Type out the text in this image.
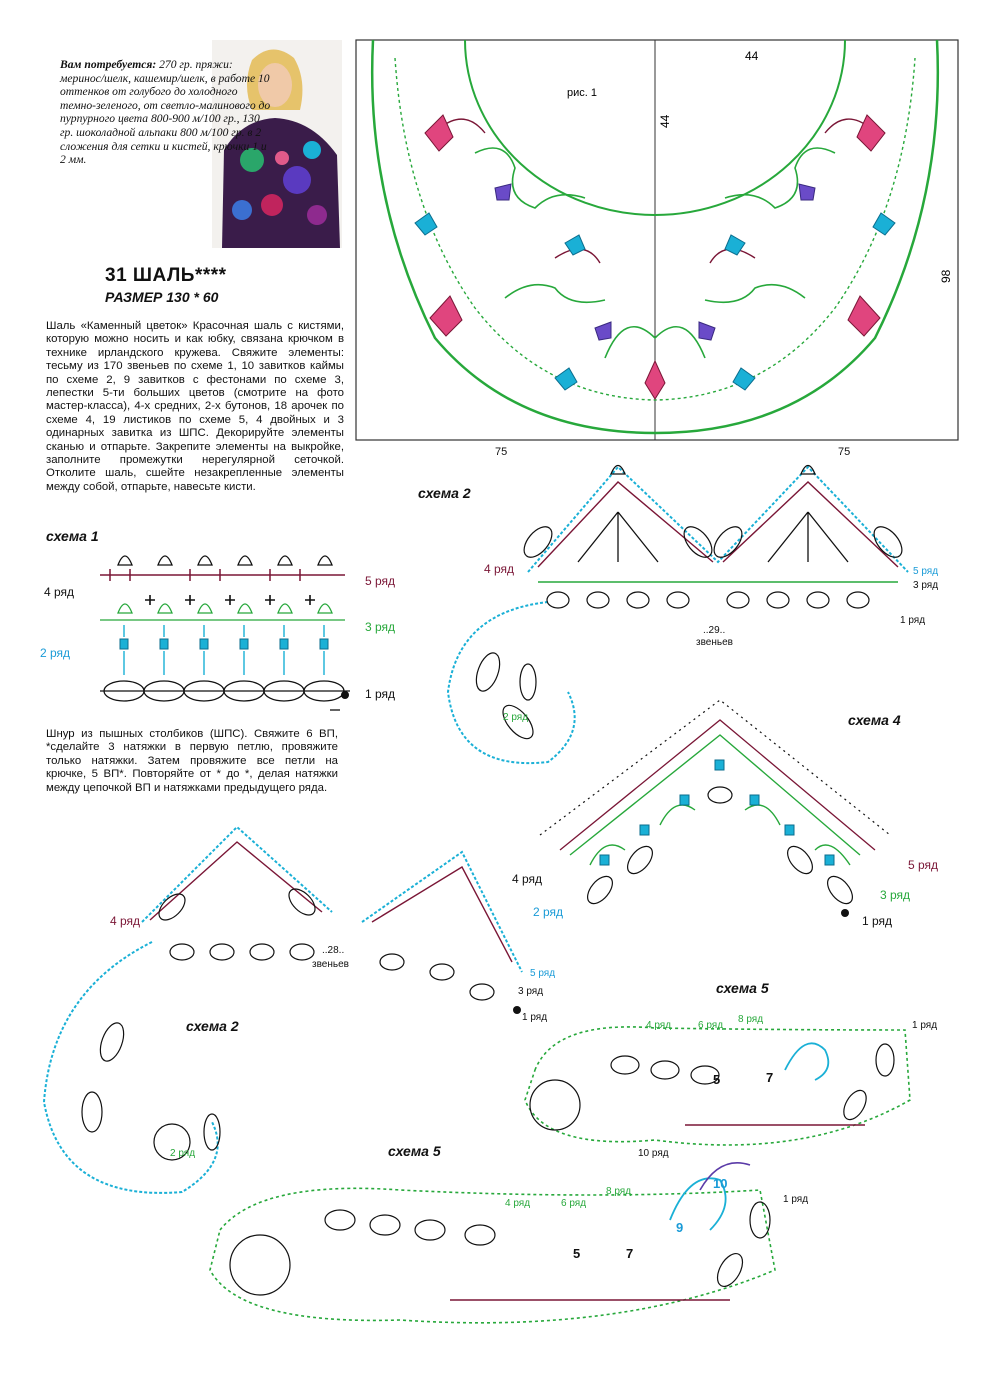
Вам потребуется: 270 гр. пряжи: меринос/шелк, кашемир/шелк, в работе 10 оттенков от голубого до холодного темно-зеленого, от светло-малинового до пурпурного цвета 800-900 м/100 гр., 130 гр. шоколадной альпаки 800 м/100 гр. в 2 сложения для сетки и кистей, крючки 1 и 2 мм.
31 ШАЛЬ****
РАЗМЕР 130 * 60
Шаль «Каменный цветок» Красочная шаль с кистями, которую можно носить и как юбку, связана крючком в технике ирландского кружева. Свяжите элементы: тесьму из 170 звеньев по схеме 1, 10 завитков каймы по схеме 2, 9 завитков с фестонами по схеме 3, лепестки 5-ти больших цветов (смотрите на фото мастер-класса), 4-х средних, 2-х бутонов, 18 арочек по схеме 4, 19 листиков по схеме 5, 4 двойных и 3 одинарных завитка из ШПС. Декорируйте элементы сканью и отпарьте. Закрепите элементы на выкройке, заполните промежутки нерегулярной сеточкой. Отколите шаль, сшейте незакрепленные элементы между собой, отпарьте, навесьте кисти.
Шнур из пышных столбиков (ШПС). Свяжите 6 ВП, *сделайте 3 натяжки в первую петлю, провяжите только натяжки. Затем провяжите все петли на крючке, 5 ВП*. Повторяйте от * до *, делая натяжки между цепочкой ВП и натяжками предыдущего ряда.
рис. 1
44
44
98
75	75
схема 1
4 ряд
5 ряд
3 ряд
2 ряд
1 ряд
схема 2
4 ряд	5 ряд
3 ряд
1 ряд
2 ряд
..29..
звеньев
схема 4
4 ряд
2 ряд
5 ряд
3 ряд
1 ряд
схема 2
4 ряд
5 ряд
3 ряд
1 ряд
2 ряд
..28..
звеньев
схема 5
4 ряд	6 ряд
8 ряд
1 ряд
5	7
схема 5
4 ряд	6 ряд
8 ряд
10 ряд
1 ряд
5	7
9
10
